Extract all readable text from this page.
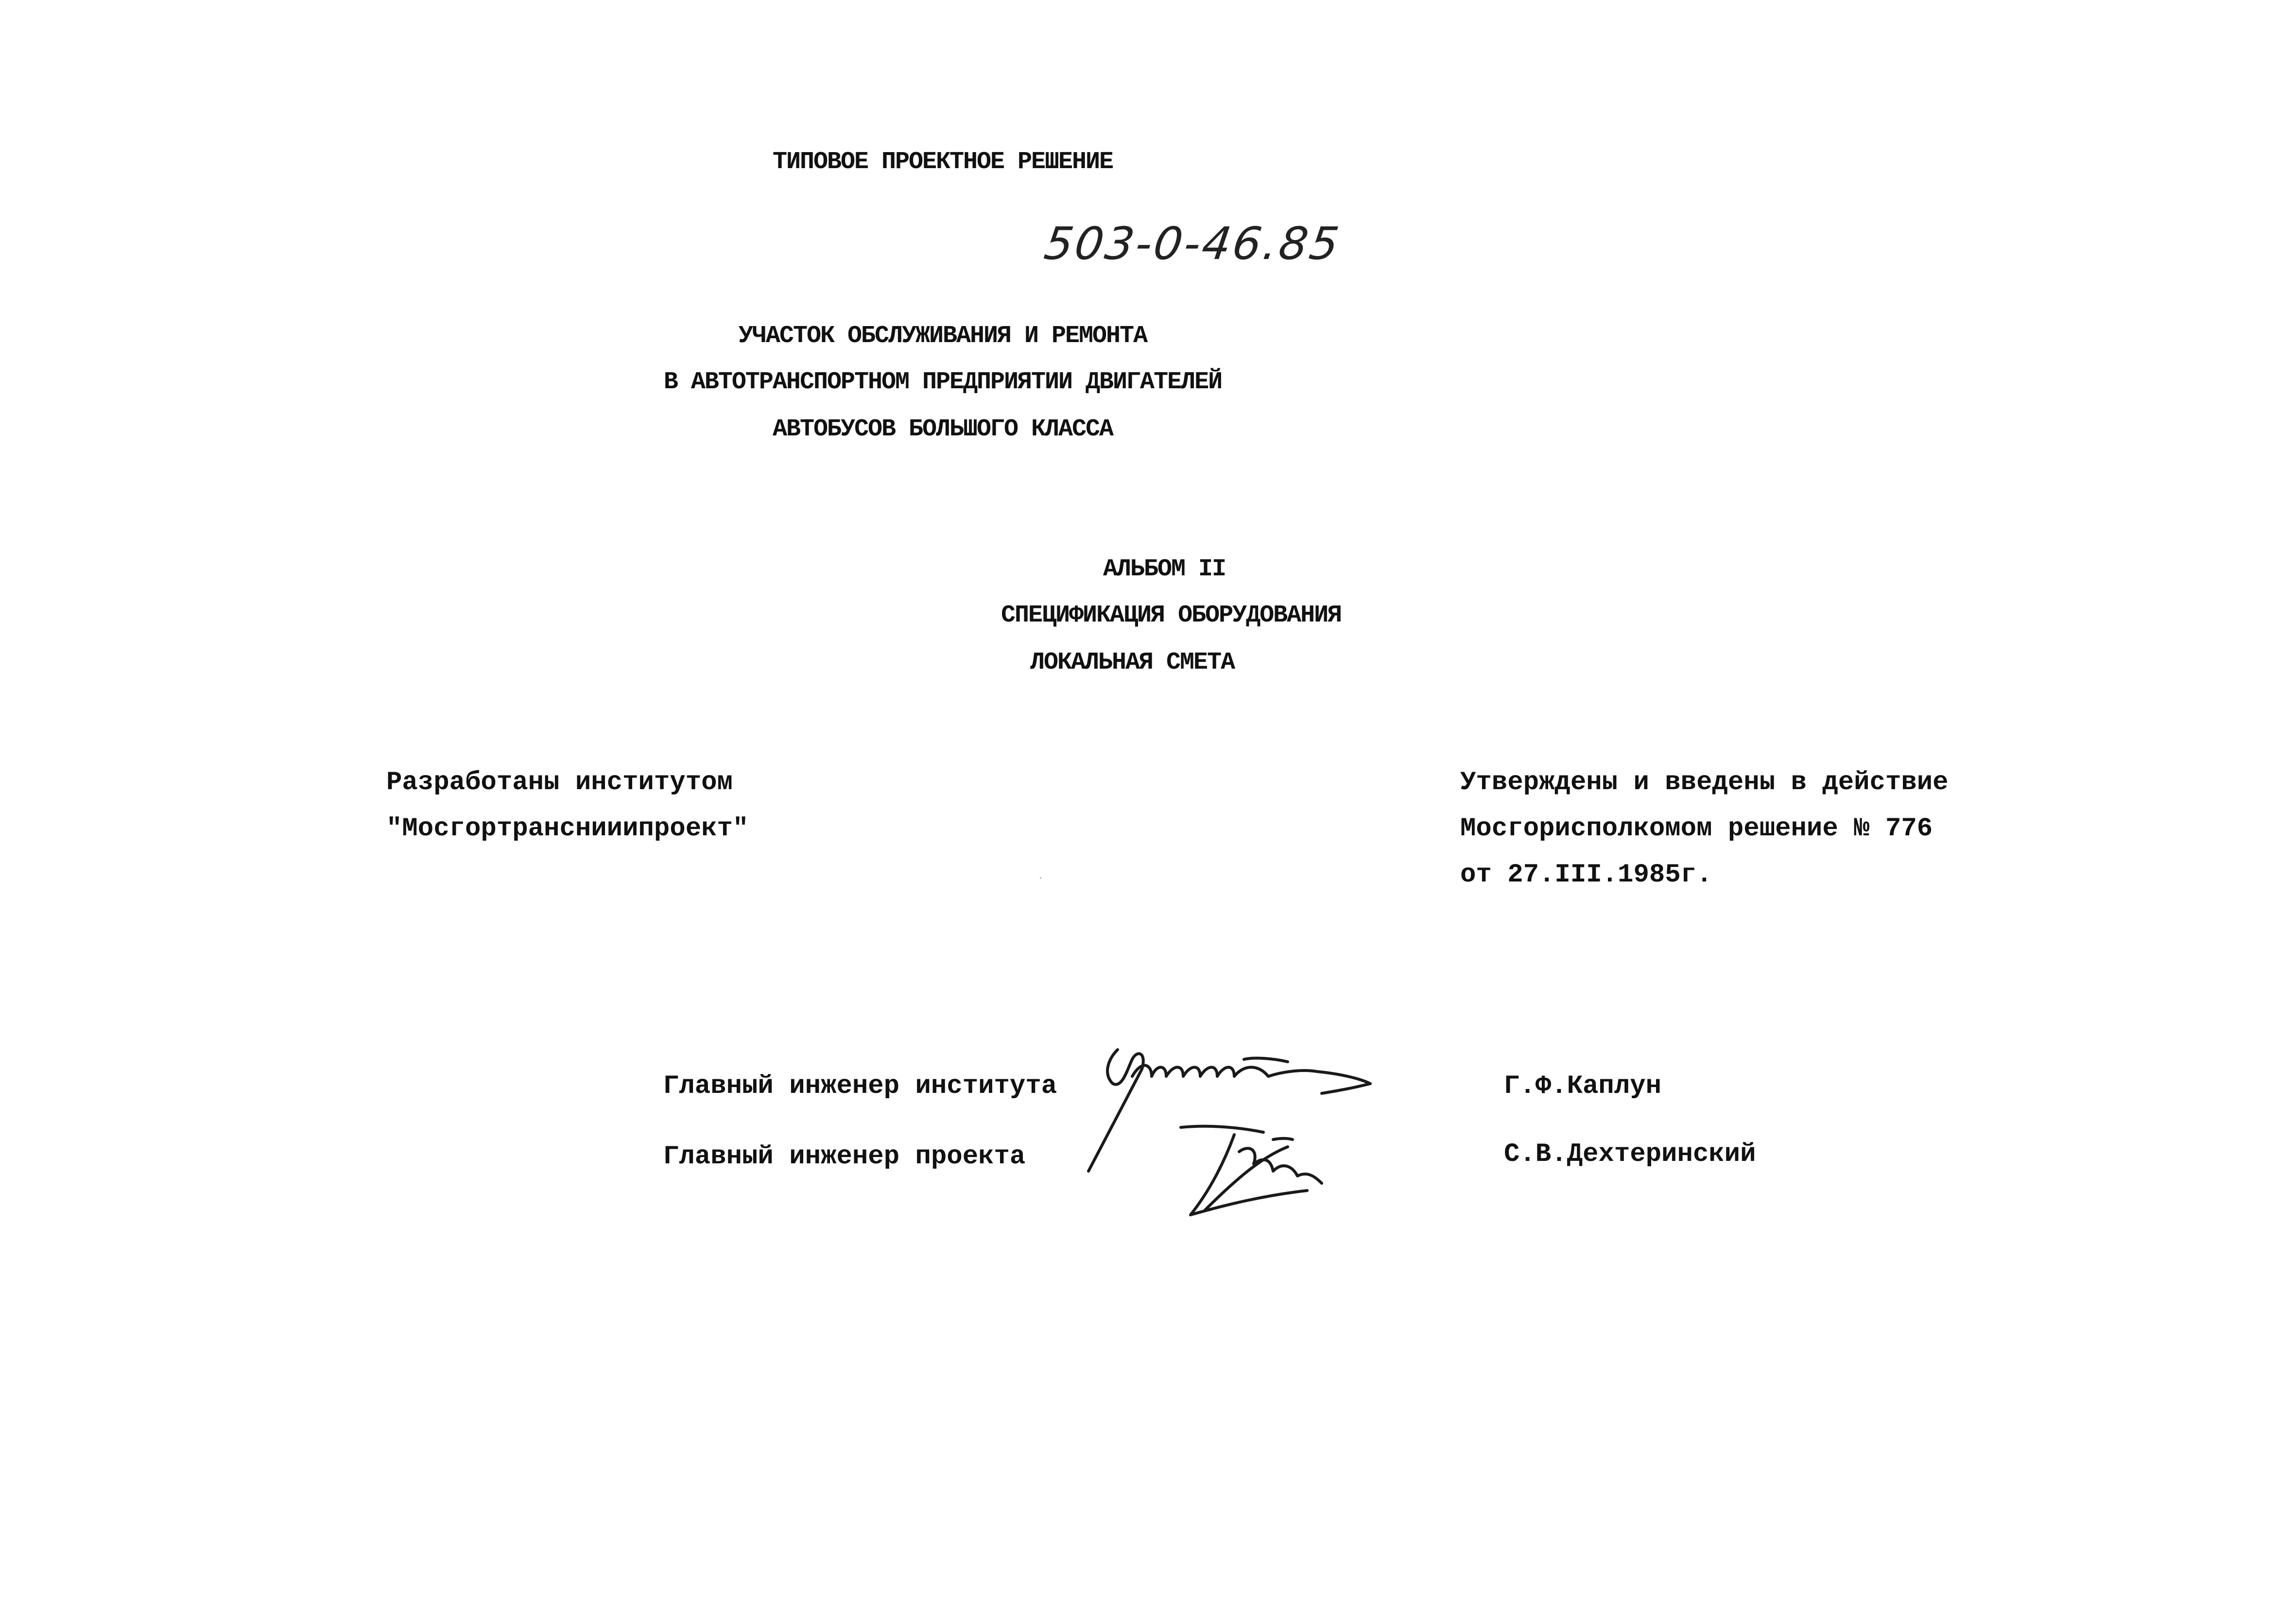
ТИПОВОЕ ПРОЕКТНОЕ РЕШЕНИЕ
503-0-46.85
УЧАСТОК ОБСЛУЖИВАНИЯ И РЕМОНТА
В АВТОТРАНСПОРТНОМ ПРЕДПРИЯТИИ ДВИГАТЕЛЕЙ
АВТОБУСОВ БОЛЬШОГО КЛАССА
АЛЬБОМ II
СПЕЦИФИКАЦИЯ ОБОРУДОВАНИЯ
ЛОКАЛЬНАЯ СМЕТА
Разработаны институтом
"Мосгортранснииипроект"
Утверждены и введены в действие
Мосгорисполкомом решение № 776
от 27.III.1985г.
Главный инженер института	Г.Ф.Каплун
Главный инженер проекта	С.В.Дехтеринский
